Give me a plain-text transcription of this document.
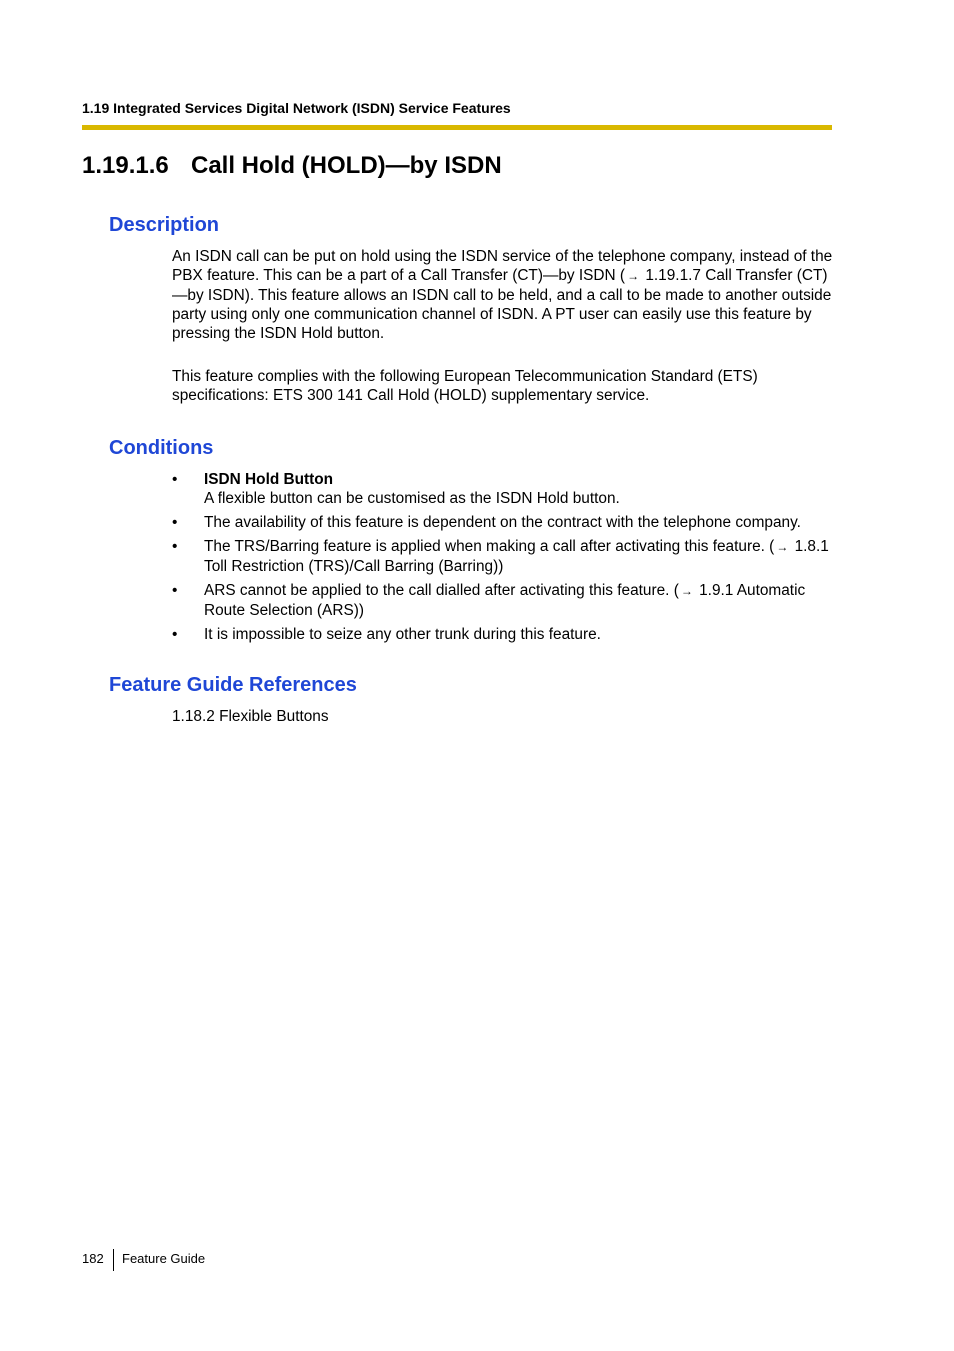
1.19 Integrated Services Digital Network (ISDN) Service Features
1.19.1.6 Call Hold (HOLD)—by ISDN
Description

An ISDN call can be put on hold using the ISDN service of the telephone company, instead of the PBX feature. This can be a part of a Call Transfer (CT)—by ISDN ( → 1.19.1.7 Call Transfer (CT)—by ISDN). This feature allows an ISDN call to be held, and a call to be made to another outside party using only one communication channel of ISDN. A PT user can easily use this feature by pressing the ISDN Hold button.

This feature complies with the following European Telecommunication Standard (ETS) specifications: ETS 300 141 Call Hold (HOLD) supplementary service.

Conditions
• ISDN Hold Button
A flexible button can be customised as the ISDN Hold button.
• The availability of this feature is dependent on the contract with the telephone company.
• The TRS/Barring feature is applied when making a call after activating this feature. ( → 1.8.1 Toll Restriction (TRS)/Call Barring (Barring))
• ARS cannot be applied to the call dialled after activating this feature. ( → 1.9.1 Automatic Route Selection (ARS))
• It is impossible to seize any other trunk during this feature.
Feature Guide References

1.18.2 Flexible Buttons

182 Feature Guide
